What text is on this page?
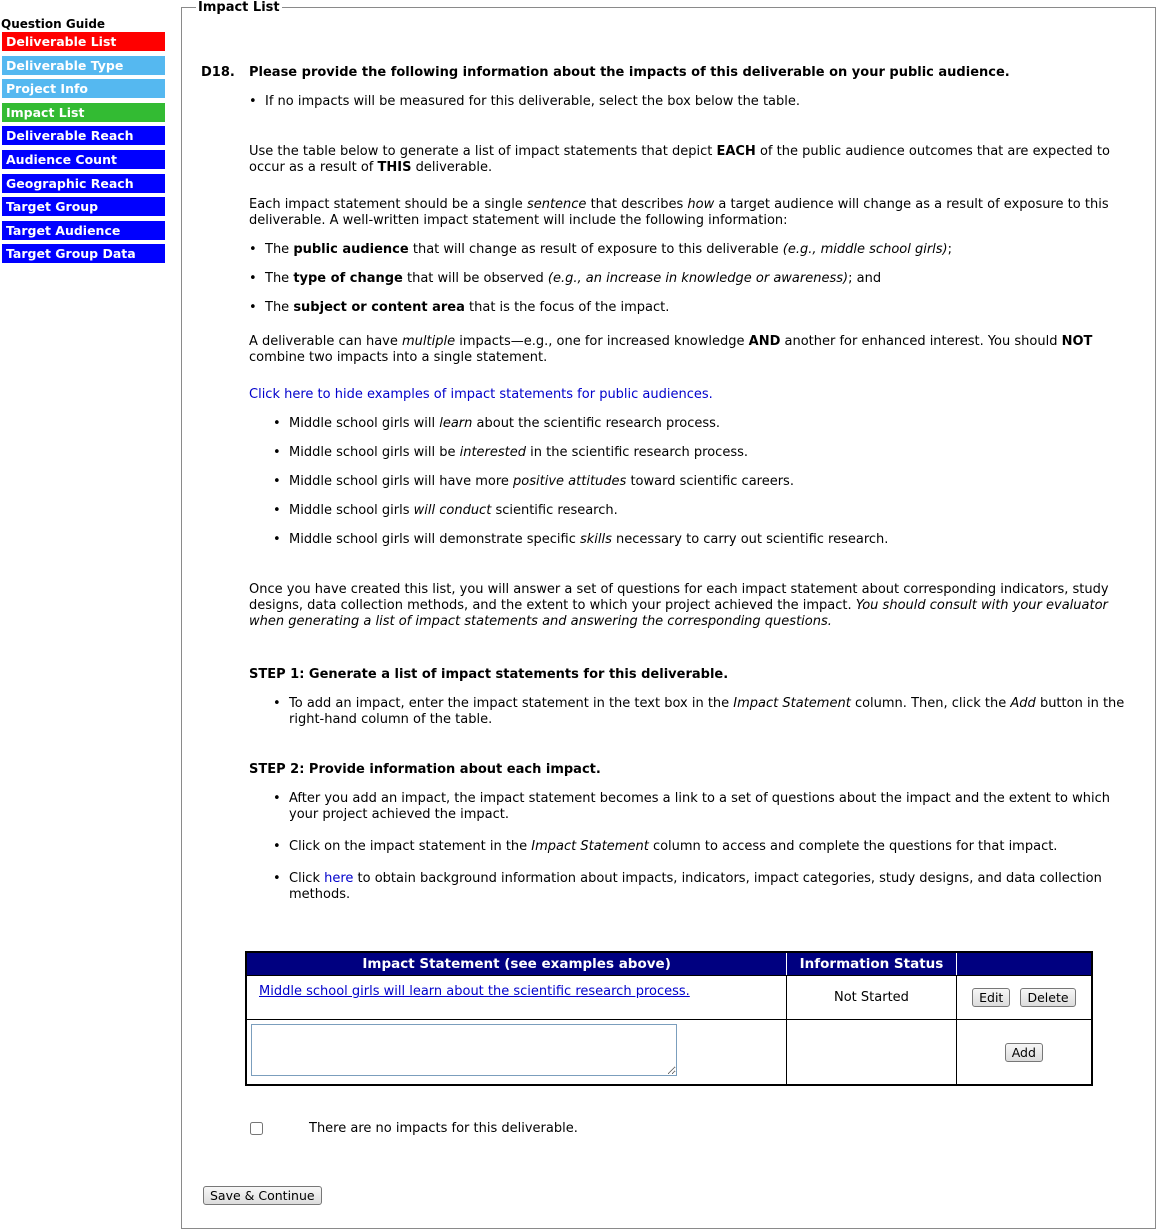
Question Guide
Deliverable List
Deliverable Type
Project Info
Impact List
Deliverable Reach
Audience Count
Geographic Reach
Target Group
Target Audience
Target Group Data
Impact List
D18. Please provide the following information about the impacts of this deliverable on your public audience.
• If no impacts will be measured for this deliverable, select the box below the table.
Use the table below to generate a list of impact statements that depict EACH of the public audience outcomes that are expected to occur as a result of THIS deliverable.
Each impact statement should be a single sentence that describes how a target audience will change as a result of exposure to this deliverable. A well-written impact statement will include the following information:
• The public audience that will change as result of exposure to this deliverable (e.g., middle school girls);
• The type of change that will be observed (e.g., an increase in knowledge or awareness); and
• The subject or content area that is the focus of the impact.
A deliverable can have multiple impacts—e.g., one for increased knowledge AND another for enhanced interest. You should NOT combine two impacts into a single statement.
Click here to hide examples of impact statements for public audiences.
• Middle school girls will learn about the scientific research process.
• Middle school girls will be interested in the scientific research process.
• Middle school girls will have more positive attitudes toward scientific careers.
• Middle school girls will conduct scientific research.
• Middle school girls will demonstrate specific skills necessary to carry out scientific research.
Once you have created this list, you will answer a set of questions for each impact statement about corresponding indicators, study designs, data collection methods, and the extent to which your project achieved the impact. You should consult with your evaluator when generating a list of impact statements and answering the corresponding questions.
STEP 1: Generate a list of impact statements for this deliverable.
• To add an impact, enter the impact statement in the text box in the Impact Statement column. Then, click the Add button in the right-hand column of the table.
STEP 2: Provide information about each impact.
• After you add an impact, the impact statement becomes a link to a set of questions about the impact and the extent to which your project achieved the impact.
• Click on the impact statement in the Impact Statement column to access and complete the questions for that impact.
• Click here to obtain background information about impacts, indicators, impact categories, study designs, and data collection methods.
Impact Statement (see examples above)	Information Status	
Middle school girls will learn about the scientific research process.	Not Started	Edit Delete
		Add
There are no impacts for this deliverable.
Save & Continue
